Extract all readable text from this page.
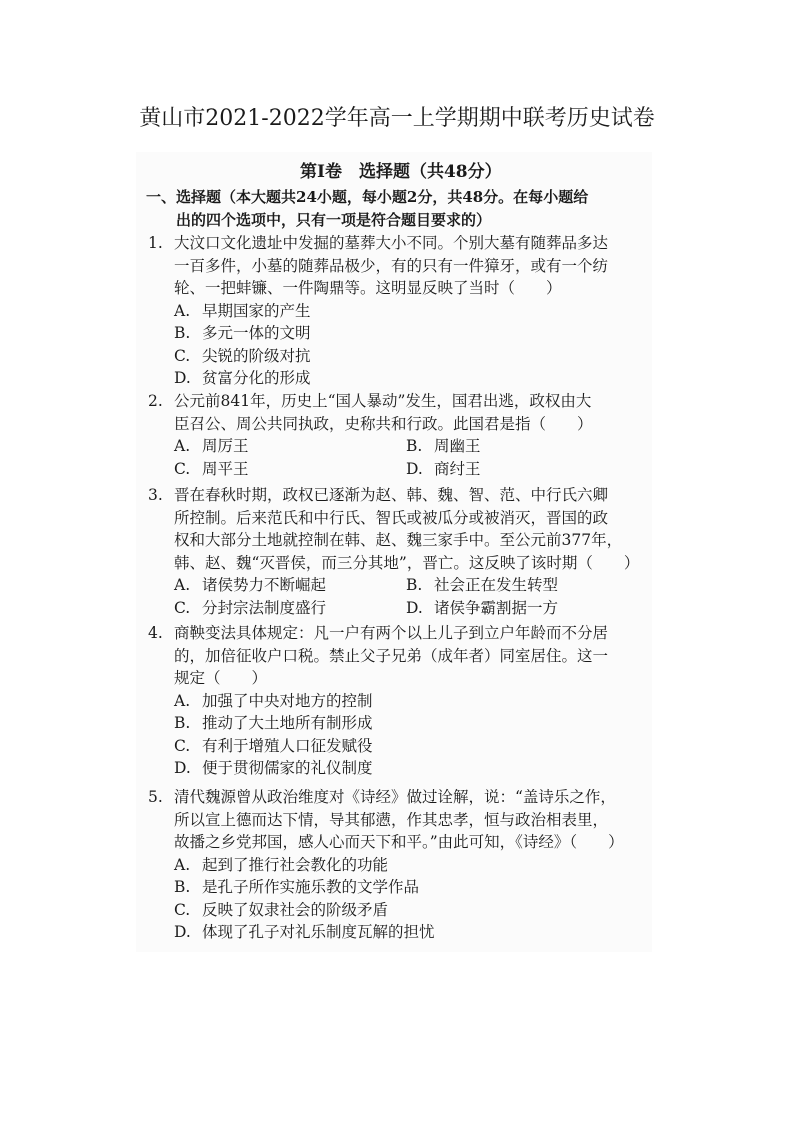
黄山市2021-2022学年高一上学期期中联考历史试卷
第Ⅰ卷　选择题（共48分）
一、选择题（本大题共24小题，每小题2分，共48分。在每小题给
出的四个选项中，只有一项是符合题目要求的）
1. 大汶口文化遗址中发掘的墓葬大小不同。个别大墓有随葬品多达
一百多件，小墓的随葬品极少，有的只有一件獐牙，或有一个纺
轮、一把蚌镰、一件陶鼎等。这明显反映了当时（　　）
A. 早期国家的产生
B. 多元一体的文明
C. 尖锐的阶级对抗
D. 贫富分化的形成
2. 公元前841年，历史上“国人暴动”发生，国君出逃，政权由大
臣召公、周公共同执政，史称共和行政。此国君是指（　　）
A. 周厉王	B. 周幽王
C. 周平王	D. 商纣王
3. 晋在春秋时期，政权已逐渐为赵、韩、魏、智、范、中行氏六卿
所控制。后来范氏和中行氏、智氏或被瓜分或被消灭，晋国的政
权和大部分土地就控制在韩、赵、魏三家手中。至公元前377年，
韩、赵、魏“灭晋侯，而三分其地”，晋亡。这反映了该时期（　　）
A. 诸侯势力不断崛起	B. 社会正在发生转型
C. 分封宗法制度盛行	D. 诸侯争霸割据一方
4. 商鞅变法具体规定：凡一户有两个以上儿子到立户年龄而不分居
的，加倍征收户口税。禁止父子兄弟（成年者）同室居住。这一
规定（　　）
A. 加强了中央对地方的控制
B. 推动了大土地所有制形成
C. 有利于增殖人口征发赋役
D. 便于贯彻儒家的礼仪制度
5. 清代魏源曾从政治维度对《诗经》做过诠解，说：“盖诗乐之作，
所以宣上德而达下情，导其郁懑，作其忠孝，恒与政治相表里，
故播之乡党邦国，感人心而天下和平。”由此可知，《诗经》（　　）
A. 起到了推行社会教化的功能
B. 是孔子所作实施乐教的文学作品
C. 反映了奴隶社会的阶级矛盾
D. 体现了孔子对礼乐制度瓦解的担忧
